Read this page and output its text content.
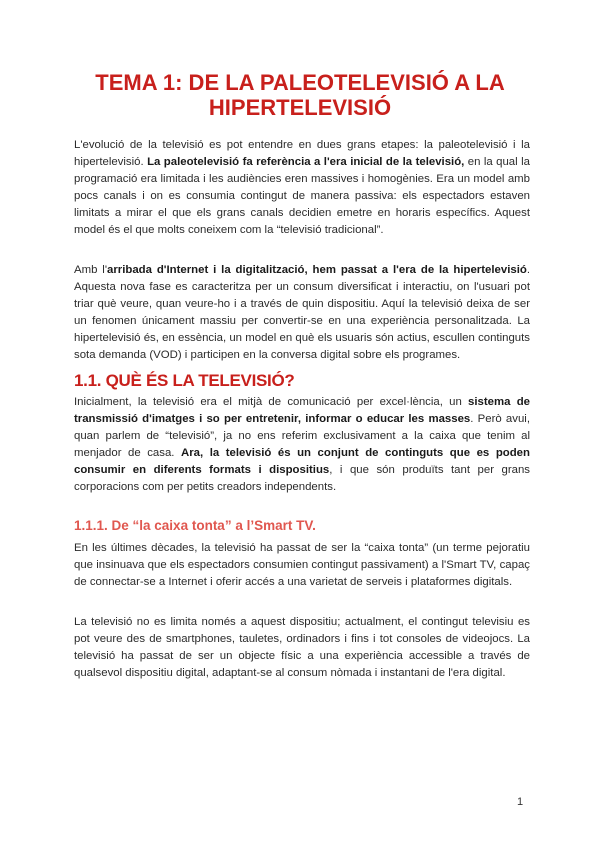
TEMA 1: DE LA PALEOTELEVISIÓ A LA
HIPERTELEVISIÓ

L'evolució de la televisió es pot entendre en dues grans etapes: la paleotelevisió i la hipertelevisió. La paleotelevisió fa referència a l'era inicial de la televisió, en la qual la programació era limitada i les audiències eren massives i homogènies. Era un model amb pocs canals i on es consumia contingut de manera passiva: els espectadors estaven limitats a mirar el que els grans canals decidien emetre en horaris específics. Aquest model és el que molts coneixem com la “televisió tradicional”.

Amb l'arribada d'Internet i la digitalització, hem passat a l'era de la hipertelevisió. Aquesta nova fase es caracteritza per un consum diversificat i interactiu, on l'usuari pot triar què veure, quan veure-ho i a través de quin dispositiu. Aquí la televisió deixa de ser un fenomen únicament massiu per convertir-se en una experiència personalitzada. La hipertelevisió és, en essència, un model en què els usuaris són actius, escullen continguts sota demanda (VOD) i participen en la conversa digital sobre els programes.

1.1. QUÈ ÉS LA TELEVISIÓ?

Inicialment, la televisió era el mitjà de comunicació per excel·lència, un sistema de transmissió d'imatges i so per entretenir, informar o educar les masses. Però avui, quan parlem de “televisió”, ja no ens referim exclusivament a la caixa que tenim al menjador de casa. Ara, la televisió és un conjunt de continguts que es poden consumir en diferents formats i dispositius, i que són produïts tant per grans corporacions com per petits creadors independents.

1.1.1. De “la caixa tonta” a l’Smart TV.

En les últimes dècades, la televisió ha passat de ser la “caixa tonta” (un terme pejoratiu que insinuava que els espectadors consumien contingut passivament) a l'Smart TV, capaç de connectar-se a Internet i oferir accés a una varietat de serveis i plataformes digitals.

La televisió no es limita només a aquest dispositiu; actualment, el contingut televisiu es pot veure des de smartphones, tauletes, ordinadors i fins i tot consoles de videojocs. La televisió ha passat de ser un objecte físic a una experiència accessible a través de qualsevol dispositiu digital, adaptant-se al consum nòmada i instantani de l'era digital.

1
